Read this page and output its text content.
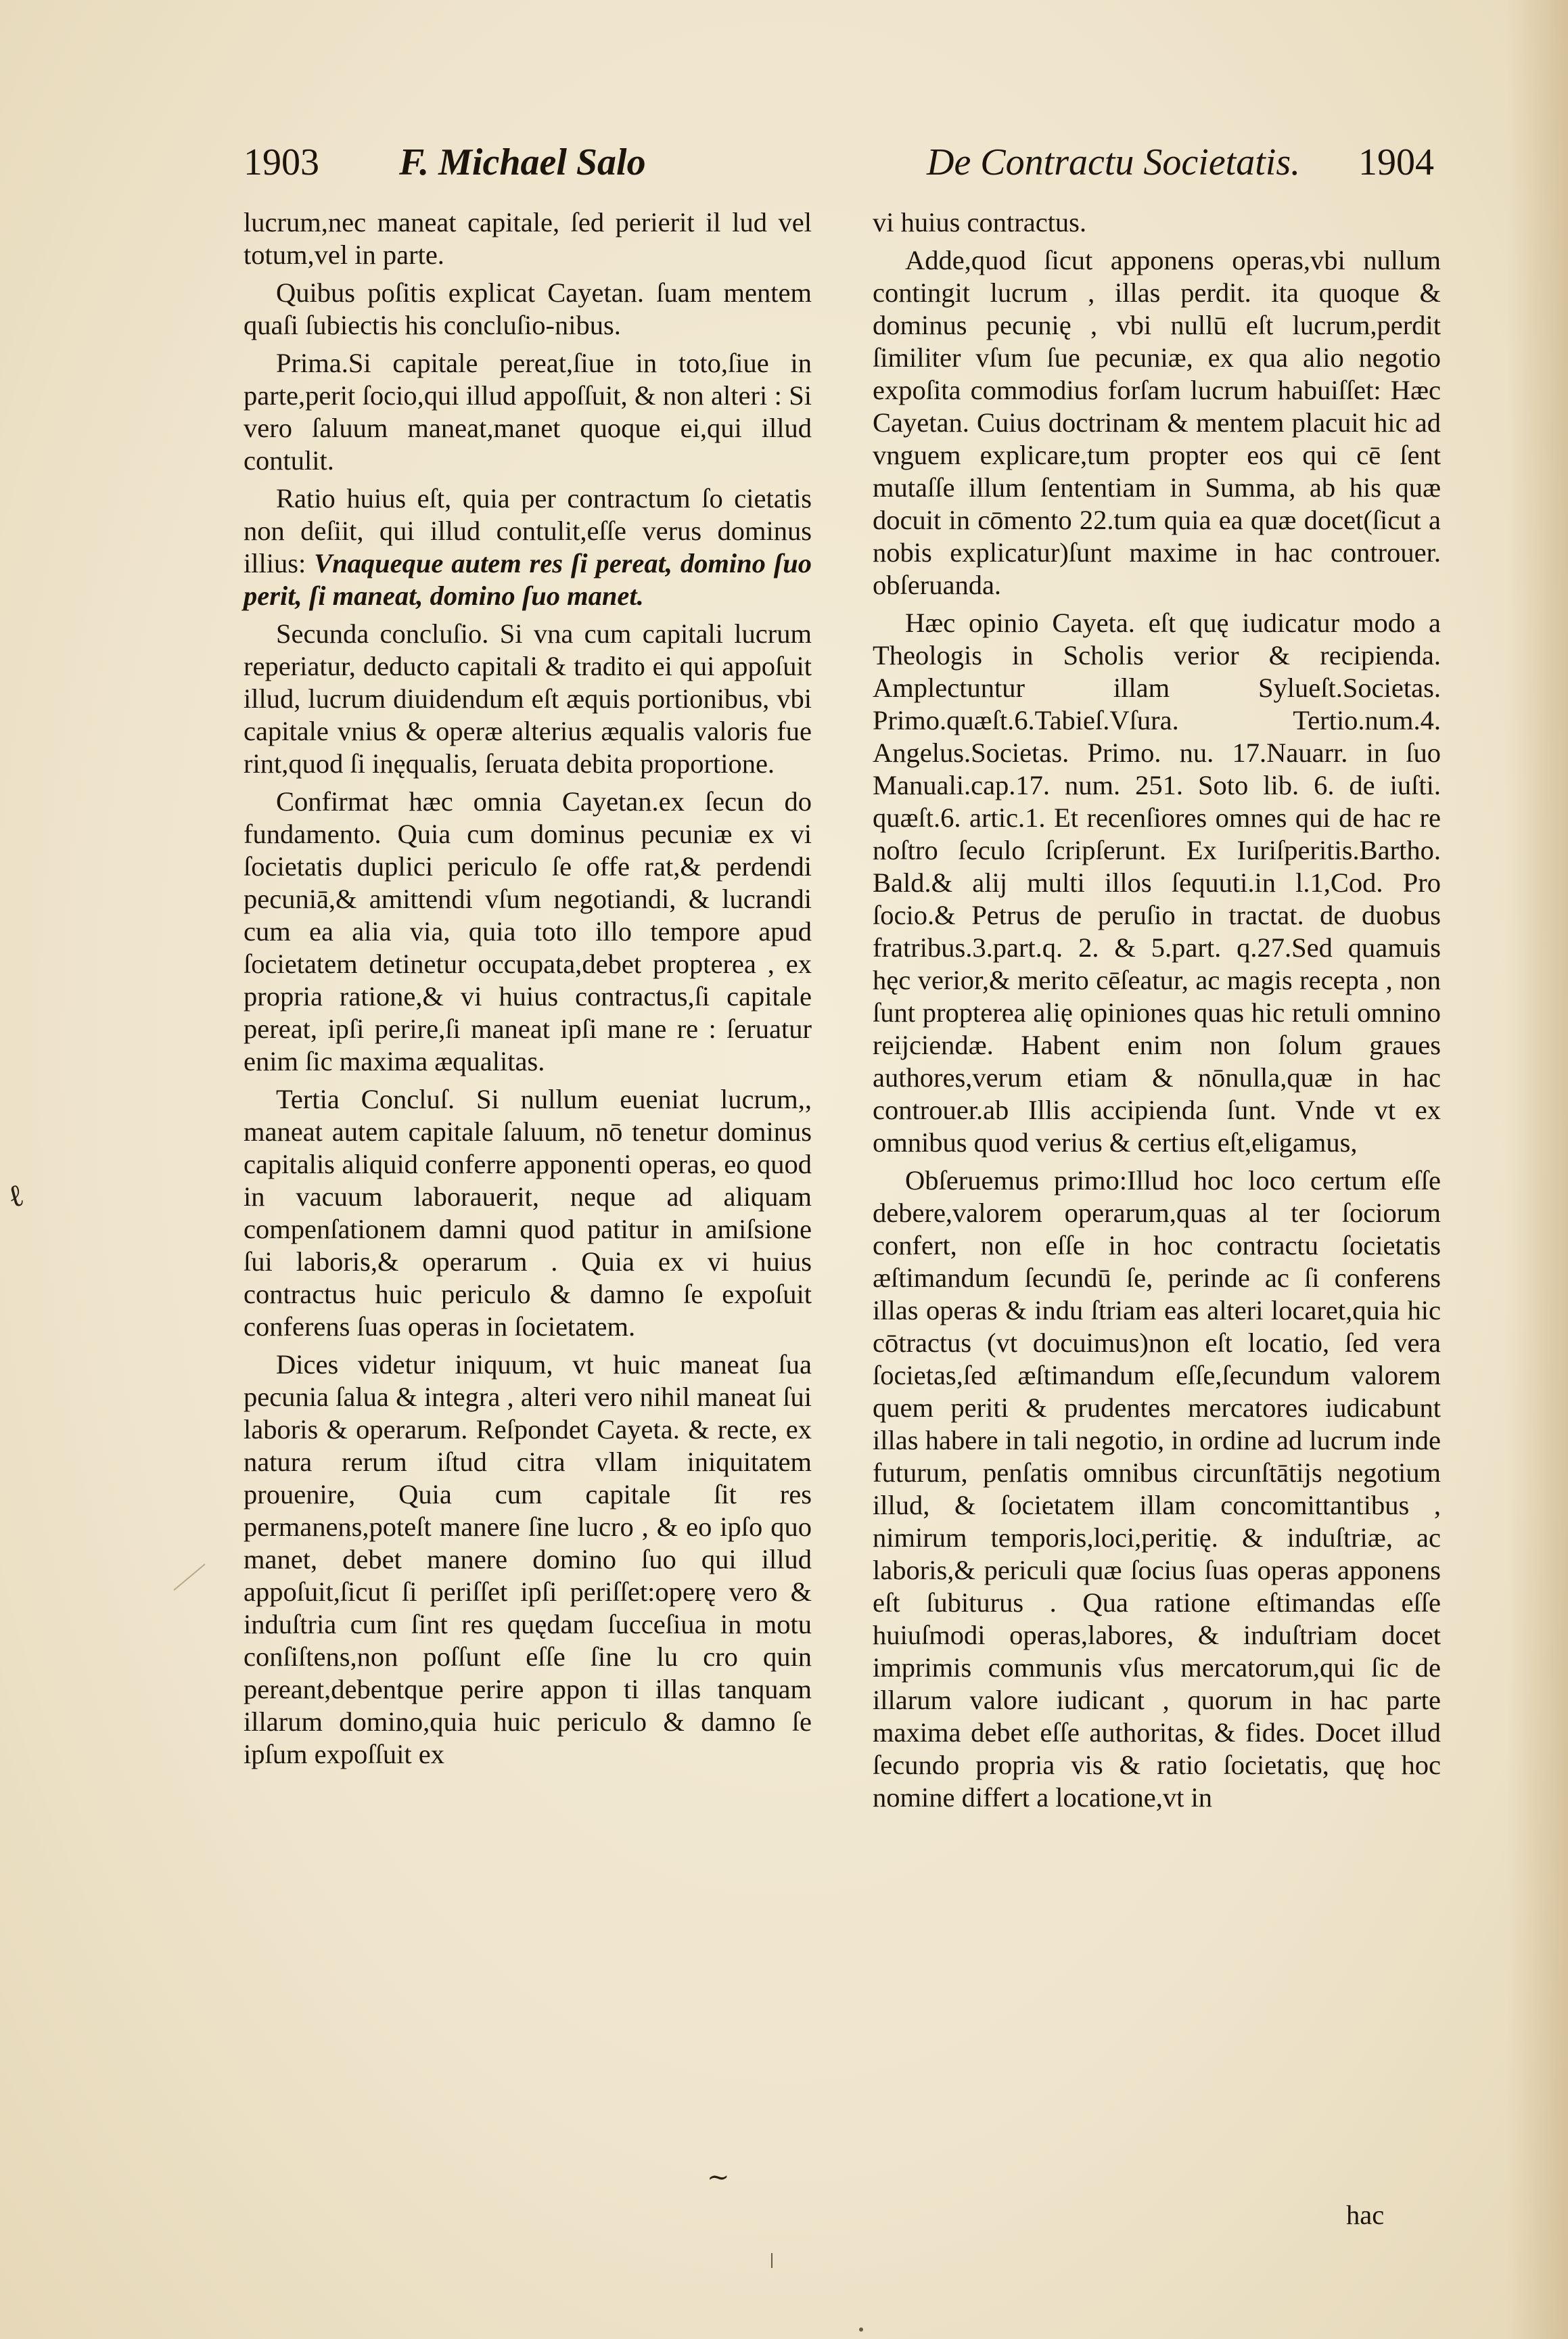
1903 F. Michael Salo	De Contractu Societatis. 1904

lucrum,nec maneat capitale, ſed perierit il lud vel totum,vel in parte.

Quibus poſitis explicat Cayetan. ſuam mentem quaſi ſubiectis his concluſio-nibus.

Prima.Si capitale pereat,ſiue in toto,ſiue in parte,perit ſocio,qui illud appoſſuit, & non alteri : Si vero ſaluum maneat,manet quoque ei,qui illud contulit.

Ratio huius eſt, quia per contractum ſo cietatis non deſiit, qui illud contulit,eſſe verus dominus illius: Vnaqueque autem res ſi pereat, domino ſuo perit, ſi maneat, domino ſuo manet.

Secunda concluſio. Si vna cum capitali lucrum reperiatur, deducto capitali & tradito ei qui appoſuit illud, lucrum diuidendum eſt æquis portionibus, vbi capitale vnius & operæ alterius æqualis valoris fue rint,quod ſi inęqualis, ſeruata debita proportione.

Confirmat hæc omnia Cayetan.ex ſecun do fundamento. Quia cum dominus pecuniæ ex vi ſocietatis duplici periculo ſe offe rat,& perdendi pecuniā,& amittendi vſum negotiandi, & lucrandi cum ea alia via, quia toto illo tempore apud ſocietatem detinetur occupata,debet propterea , ex propria ratione,& vi huius contractus,ſi capitale pereat, ipſi perire,ſi maneat ipſi mane re : ſeruatur enim ſic maxima æqualitas.

Tertia Concluſ. Si nullum eueniat lucrum,, maneat autem capitale ſaluum, nō tenetur dominus capitalis aliquid conferre apponenti operas, eo quod in vacuum laborauerit, neque ad aliquam compenſationem damni quod patitur in amiſsione ſui laboris,& operarum . Quia ex vi huius contractus huic periculo & damno ſe expoſuit conferens ſuas operas in ſocietatem.

Dices videtur iniquum, vt huic maneat ſua pecunia ſalua & integra , alteri vero nihil maneat ſui laboris & operarum. Reſpondet Cayeta. & recte, ex natura rerum iſtud citra vllam iniquitatem prouenire, Quia cum capitale ſit res permanens,poteſt manere ſine lucro , & eo ipſo quo manet, debet manere domino ſuo qui illud appoſuit,ſicut ſi periſſet ipſi periſſet:operę vero & induſtria cum ſint res quędam ſucceſiua in motu conſiſtens,non poſſunt eſſe ſine lu cro quin pereant,debentque perire appon ti illas tanquam illarum domino,quia huic periculo & damno ſe ipſum expoſſuit ex

vi huius contractus.

Adde,quod ſicut apponens operas,vbi nullum contingit lucrum , illas perdit. ita quoque & dominus pecunię , vbi nullū eſt lucrum,perdit ſimiliter vſum ſue pecuniæ, ex qua alio negotio expoſita commodius forſam lucrum habuiſſet: Hæc Cayetan. Cuius doctrinam & mentem placuit hic ad vnguem explicare,tum propter eos qui cē ſent mutaſſe illum ſententiam in Summa, ab his quæ docuit in cōmento 22.tum quia ea quæ docet(ſicut a nobis explicatur)ſunt maxime in hac controuer. obſeruanda.

Hæc opinio Cayeta. eſt quę iudicatur modo a Theologis in Scholis verior & recipienda. Amplectuntur illam Sylueſt.Societas. Primo.quæſt.6.Tabieſ.Vſura. Tertio.num.4. Angelus.Societas. Primo. nu. 17.Nauarr. in ſuo Manuali.cap.17. num. 251. Soto lib. 6. de iuſti. quæſt.6. artic.1. Et recenſiores omnes qui de hac re noſtro ſeculo ſcripſerunt. Ex Iuriſperitis.Bartho. Bald.& alij multi illos ſequuti.in l.1,Cod. Pro ſocio.& Petrus de peruſio in tractat. de duobus fratribus.3.part.q. 2. & 5.part. q.27.Sed quamuis hęc verior,& merito cēſeatur, ac magis recepta , non ſunt propterea alię opiniones quas hic retuli omnino reijciendæ. Habent enim non ſolum graues authores,verum etiam & nōnulla,quæ in hac controuer.ab Illis accipienda ſunt. Vnde vt ex omnibus quod verius & certius eſt,eligamus,

Obſeruemus primo:Illud hoc loco certum eſſe debere,valorem operarum,quas al ter ſociorum confert, non eſſe in hoc contractu ſocietatis æſtimandum ſecundū ſe, perinde ac ſi conferens illas operas & indu ſtriam eas alteri locaret,quia hic cōtractus (vt docuimus)non eſt locatio, ſed vera ſocietas,ſed æſtimandum eſſe,ſecundum valorem quem periti & prudentes mercatores iudicabunt illas habere in tali negotio, in ordine ad lucrum inde futurum, penſatis omnibus circunſtātijs negotium illud, & ſocietatem illam concomittantibus , nimirum temporis,loci,peritię. & induſtriæ, ac laboris,& periculi quæ ſocius ſuas operas apponens eſt ſubiturus . Qua ratione eſtimandas eſſe huiuſmodi operas,labores, & induſtriam docet imprimis communis vſus mercatorum,qui ſic de illarum valore iudicant , quorum in hac parte maxima debet eſſe authoritas, & fides. Docet illud ſecundo propria vis & ratio ſocietatis, quę hoc nomine differt a locatione,vt in

hac
ℓ
~
